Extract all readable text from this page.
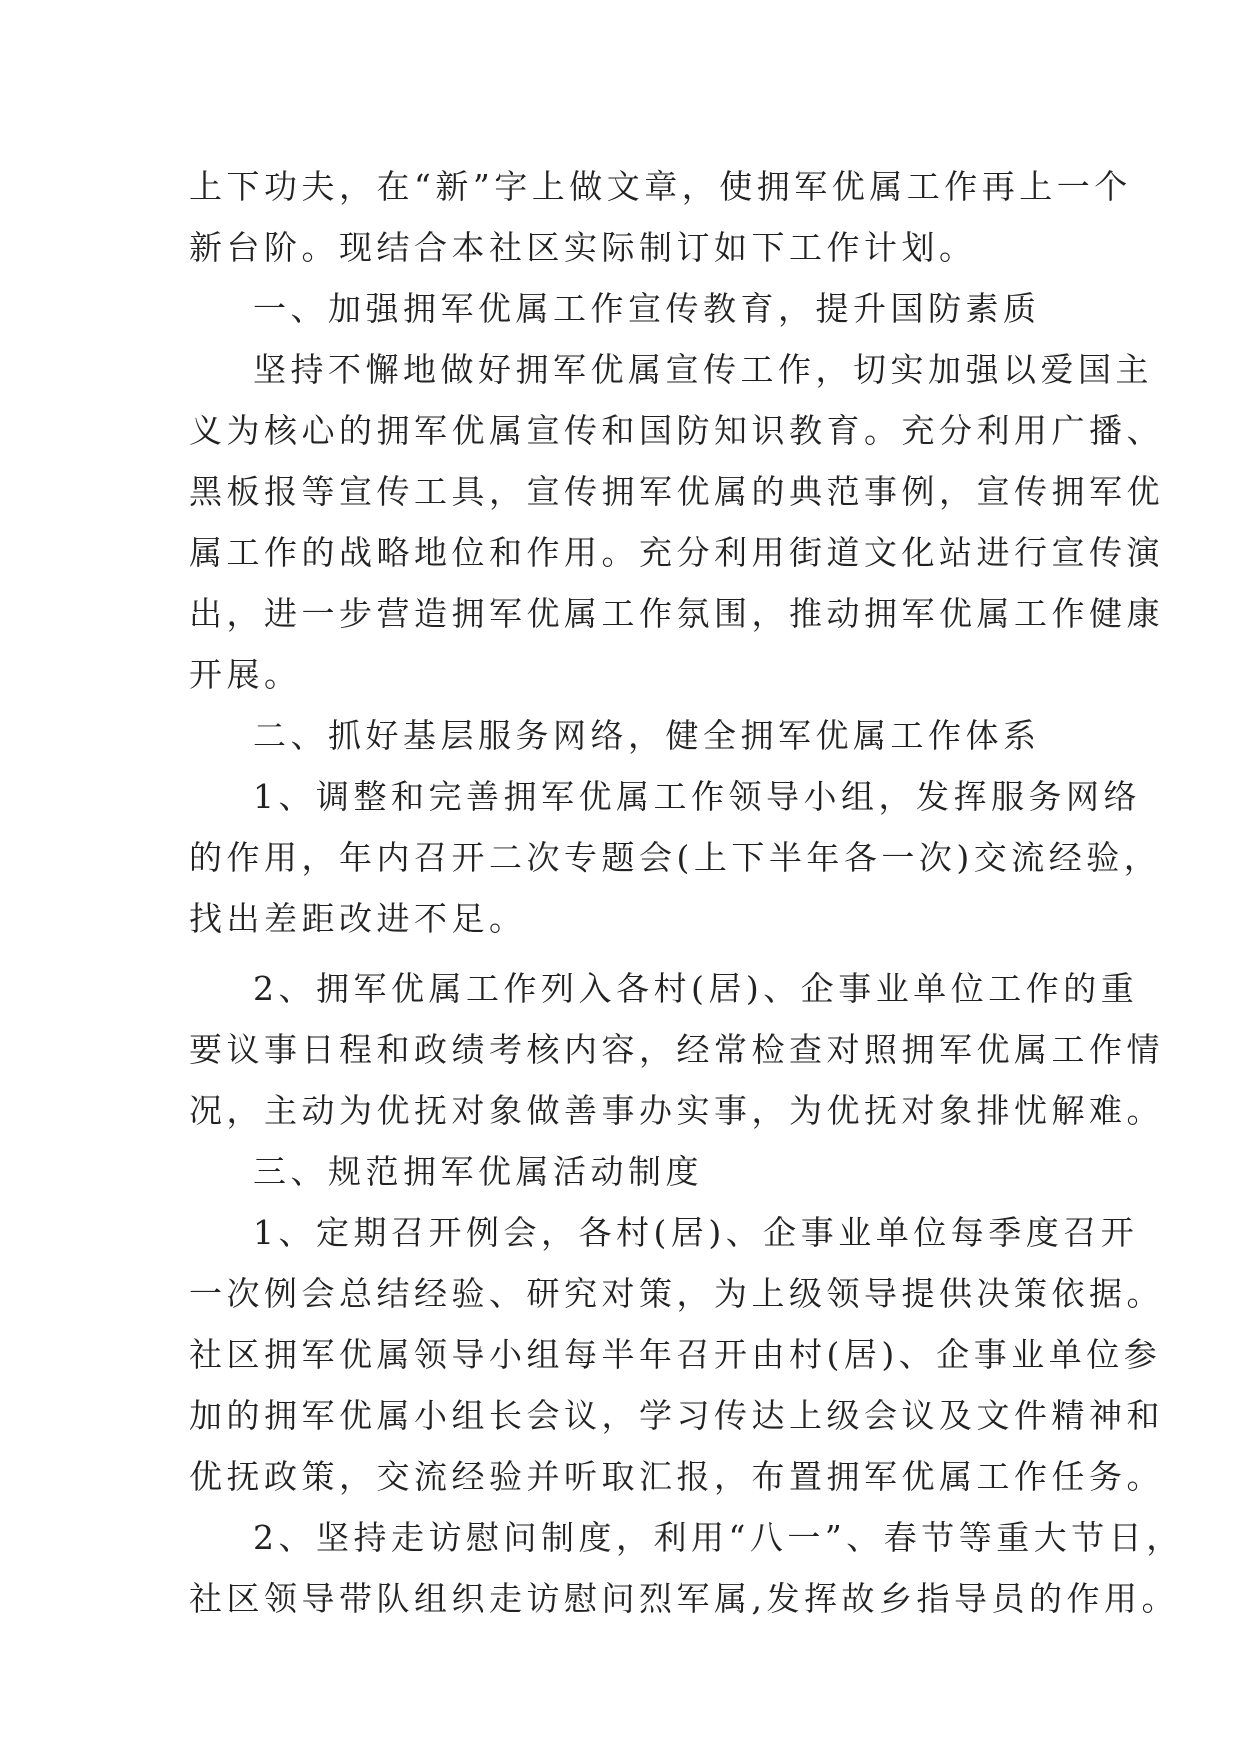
上下功夫，在“新”字上做文章，使拥军优属工作再上一个
新台阶。现结合本社区实际制订如下工作计划。
一、加强拥军优属工作宣传教育，提升国防素质
坚持不懈地做好拥军优属宣传工作，切实加强以爱国主
义为核心的拥军优属宣传和国防知识教育。充分利用广播、
黑板报等宣传工具，宣传拥军优属的典范事例，宣传拥军优
属工作的战略地位和作用。充分利用街道文化站进行宣传演
出，进一步营造拥军优属工作氛围，推动拥军优属工作健康
开展。
二、抓好基层服务网络，健全拥军优属工作体系
1、调整和完善拥军优属工作领导小组，发挥服务网络
的作用，年内召开二次专题会(上下半年各一次)交流经验，
找出差距改进不足。
2、拥军优属工作列入各村(居)、企事业单位工作的重
要议事日程和政绩考核内容，经常检查对照拥军优属工作情
况，主动为优抚对象做善事办实事，为优抚对象排忧解难。
三、规范拥军优属活动制度
1、定期召开例会，各村(居)、企事业单位每季度召开
一次例会总结经验、研究对策，为上级领导提供决策依据。
社区拥军优属领导小组每半年召开由村(居)、企事业单位参
加的拥军优属小组长会议，学习传达上级会议及文件精神和
优抚政策，交流经验并听取汇报，布置拥军优属工作任务。
2、坚持走访慰问制度，利用“八一”、春节等重大节日，
社区领导带队组织走访慰问烈军属,发挥故乡指导员的作用。
